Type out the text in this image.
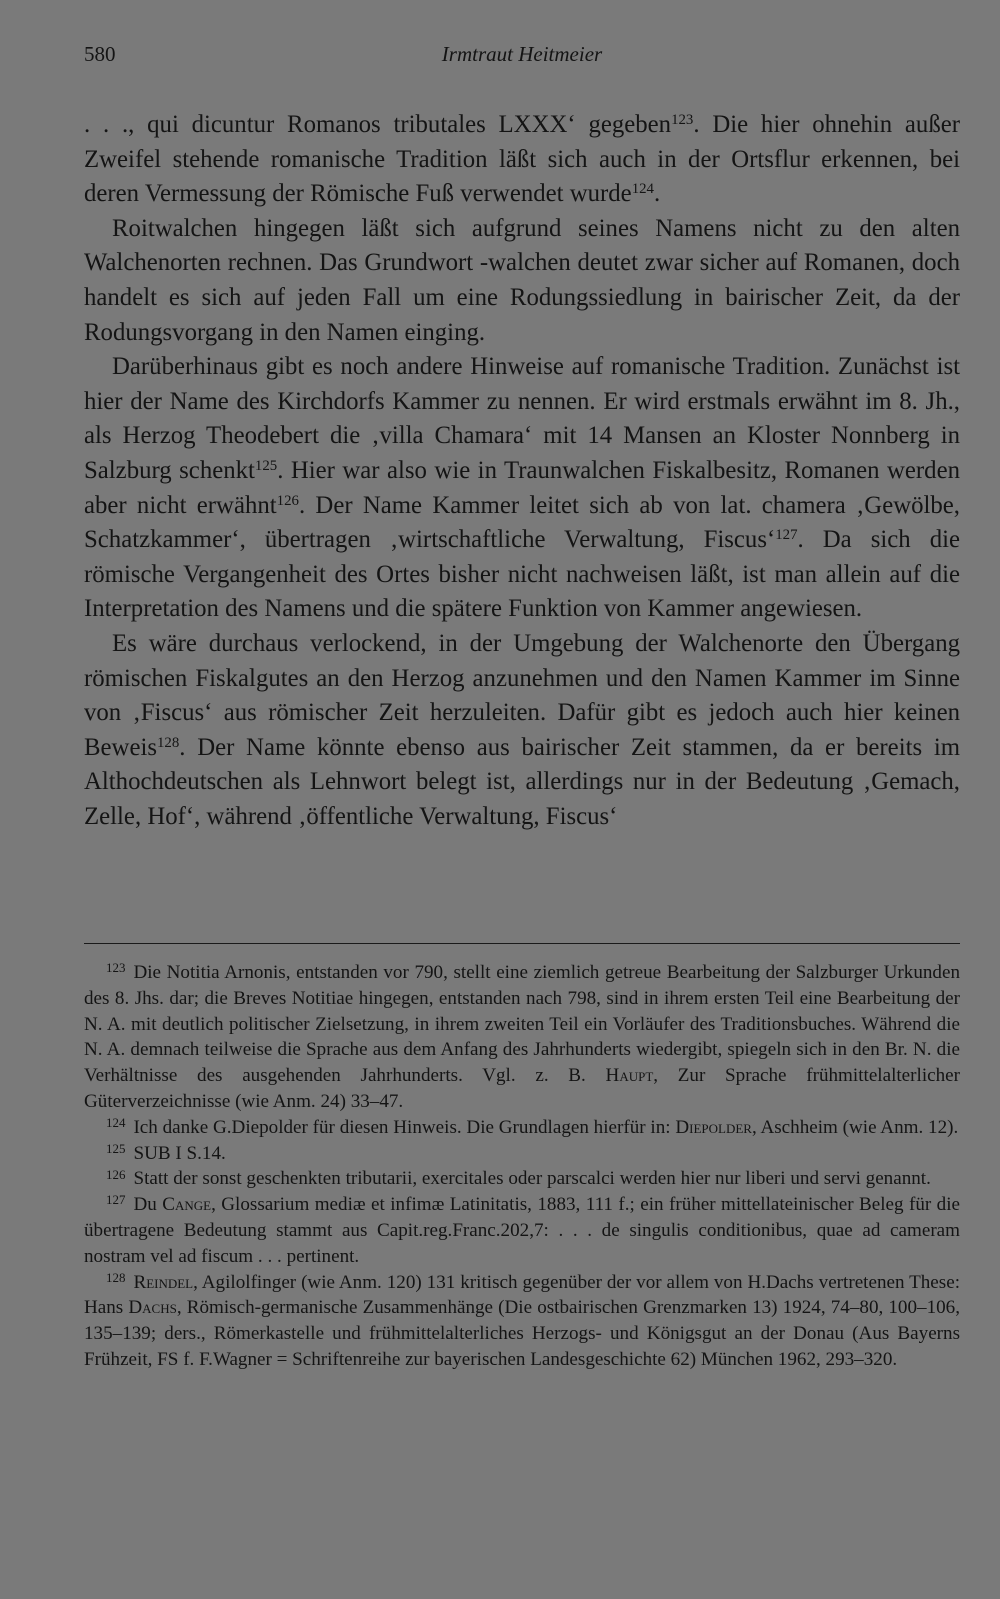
580	Irmtraut Heitmeier

. . ., qui dicuntur Romanos tributales LXXX‘ gegeben$^{123}$. Die hier ohnehin außer Zweifel stehende romanische Tradition läßt sich auch in der Ortsflur erkennen, bei deren Vermessung der Römische Fuß verwendet wurde$^{124}$.

Roitwalchen hingegen läßt sich aufgrund seines Namens nicht zu den alten Walchenorten rechnen. Das Grundwort -walchen deutet zwar sicher auf Romanen, doch handelt es sich auf jeden Fall um eine Rodungssiedlung in bairischer Zeit, da der Rodungsvorgang in den Namen einging.

Darüberhinaus gibt es noch andere Hinweise auf romanische Tradition. Zunächst ist hier der Name des Kirchdorfs Kammer zu nennen. Er wird erstmals erwähnt im 8. Jh., als Herzog Theodebert die ‚villa Chamara‘ mit 14 Mansen an Kloster Nonnberg in Salzburg schenkt$^{125}$. Hier war also wie in Traunwalchen Fiskalbesitz, Romanen werden aber nicht erwähnt$^{126}$. Der Name Kammer leitet sich ab von lat. chamera ‚Gewölbe, Schatzkammer‘, übertragen ‚wirtschaftliche Verwaltung, Fiscus‘$^{127}$. Da sich die römische Vergangenheit des Ortes bisher nicht nachweisen läßt, ist man allein auf die Interpretation des Namens und die spätere Funktion von Kammer angewiesen.

Es wäre durchaus verlockend, in der Umgebung der Walchenorte den Übergang römischen Fiskalgutes an den Herzog anzunehmen und den Namen Kammer im Sinne von ‚Fiscus‘ aus römischer Zeit herzuleiten. Dafür gibt es jedoch auch hier keinen Beweis$^{128}$. Der Name könnte ebenso aus bairischer Zeit stammen, da er bereits im Althochdeutschen als Lehnwort belegt ist, allerdings nur in der Bedeutung ‚Gemach, Zelle, Hof‘, während ‚öffentliche Verwaltung, Fiscus‘

$^{123}$ Die Notitia Arnonis, entstanden vor 790, stellt eine ziemlich getreue Bearbeitung der Salzburger Urkunden des 8. Jhs. dar; die Breves Notitiae hingegen, entstanden nach 798, sind in ihrem ersten Teil eine Bearbeitung der N. A. mit deutlich politischer Zielsetzung, in ihrem zweiten Teil ein Vorläufer des Traditionsbuches. Während die N. A. demnach teilweise die Sprache aus dem Anfang des Jahrhunderts wiedergibt, spiegeln sich in den Br. N. die Verhältnisse des ausgehenden Jahrhunderts. Vgl. z. B. Haupt, Zur Sprache frühmittelalterlicher Güterverzeichnisse (wie Anm. 24) 33–47.

$^{124}$ Ich danke G.Diepolder für diesen Hinweis. Die Grundlagen hierfür in: Diepolder, Aschheim (wie Anm. 12).

$^{125}$ SUB I S.14.

$^{126}$ Statt der sonst geschenkten tributarii, exercitales oder parscalci werden hier nur liberi und servi genannt.

$^{127}$ Du Cange, Glossarium mediæ et infimæ Latinitatis, 1883, 111 f.; ein früher mittellateinischer Beleg für die übertragene Bedeutung stammt aus Capit.reg.Franc.202,7: . . . de singulis conditionibus, quae ad cameram nostram vel ad fiscum . . . pertinent.

$^{128}$ Reindel, Agilolfinger (wie Anm. 120) 131 kritisch gegenüber der vor allem von H.Dachs vertretenen These: Hans Dachs, Römisch-germanische Zusammenhänge (Die ostbairischen Grenzmarken 13) 1924, 74–80, 100–106, 135–139; ders., Römerkastelle und frühmittelalterliches Herzogs- und Königsgut an der Donau (Aus Bayerns Frühzeit, FS f. F.Wagner = Schriftenreihe zur bayerischen Landesgeschichte 62) München 1962, 293–320.
